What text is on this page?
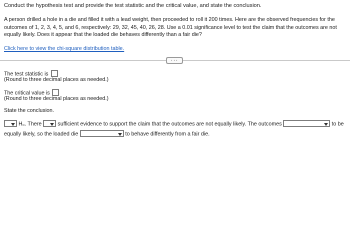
Conduct the hypothesis test and provide the test statistic and the critical value, and state the conclusion.
A person drilled a hole in a die and filled it with a lead weight, then proceeded to roll it 200 times. Here are the observed frequencies for the outcomes of 1, 2, 3, 4, 5, and 6, respectively: 29, 32, 45, 40, 26, 28. Use a 0.01 significance level to test the claim that the outcomes are not equally likely. Does it appear that the loaded die behaves differently than a fair die?
Click here to view the chi-square distribution table.
···
The test statistic is
(Round to three decimal places as needed.)
The critical value is
(Round to three decimal places as needed.)
State the conclusion.
H₀. There	sufficient evidence to support the claim that the outcomes are not equally likely. The outcomes	to be
equally likely, so the loaded die	to behave differently from a fair die.
